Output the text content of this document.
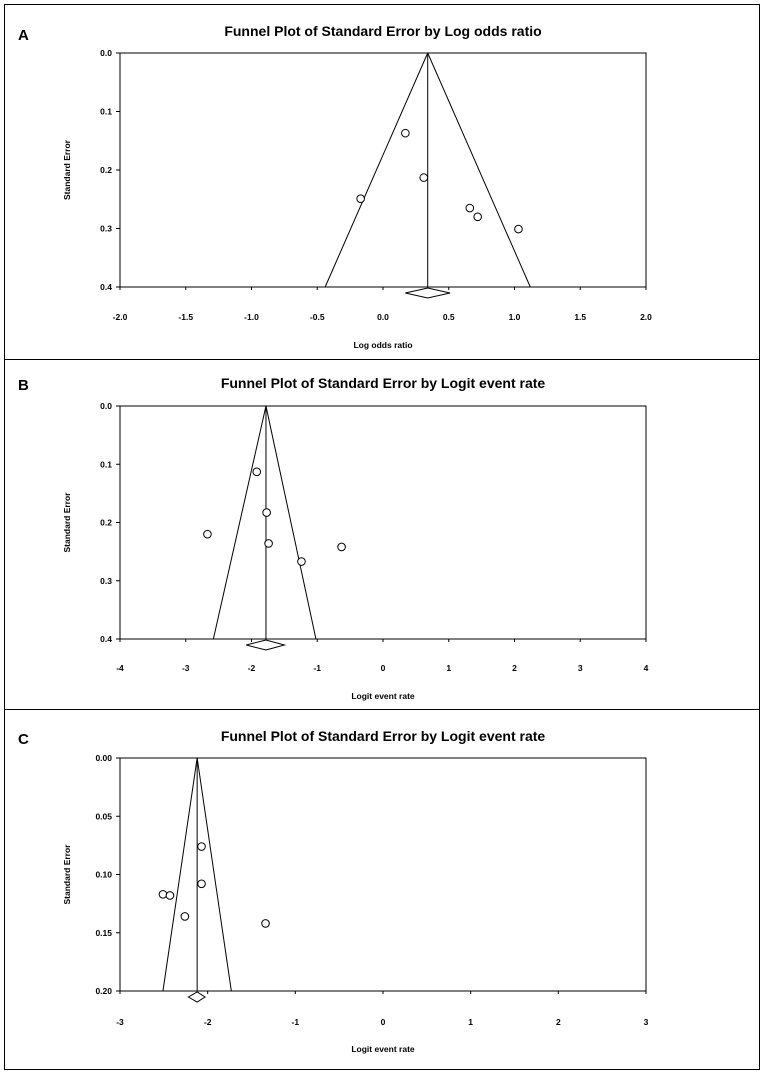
A
B
C
Funnel Plot of Standard Error by Log odds ratio
0.0
0.1
0.2
0.3
0.4
-2.0	-1.5	-1.0	-0.5	0.0	0.5	1.0	1.5	2.0
Log odds ratio
Standard Error
Funnel Plot of Standard Error by Logit event rate
0.0
0.1
0.2
0.3
0.4
-4	-3	-2	-1	0	1	2	3	4
Logit event rate
Standard Error
Funnel Plot of Standard Error by Logit event rate
0.00
0.05
0.10
0.15
0.20
-3	-2	-1	0	1	2	3
Logit event rate
Standard Error
